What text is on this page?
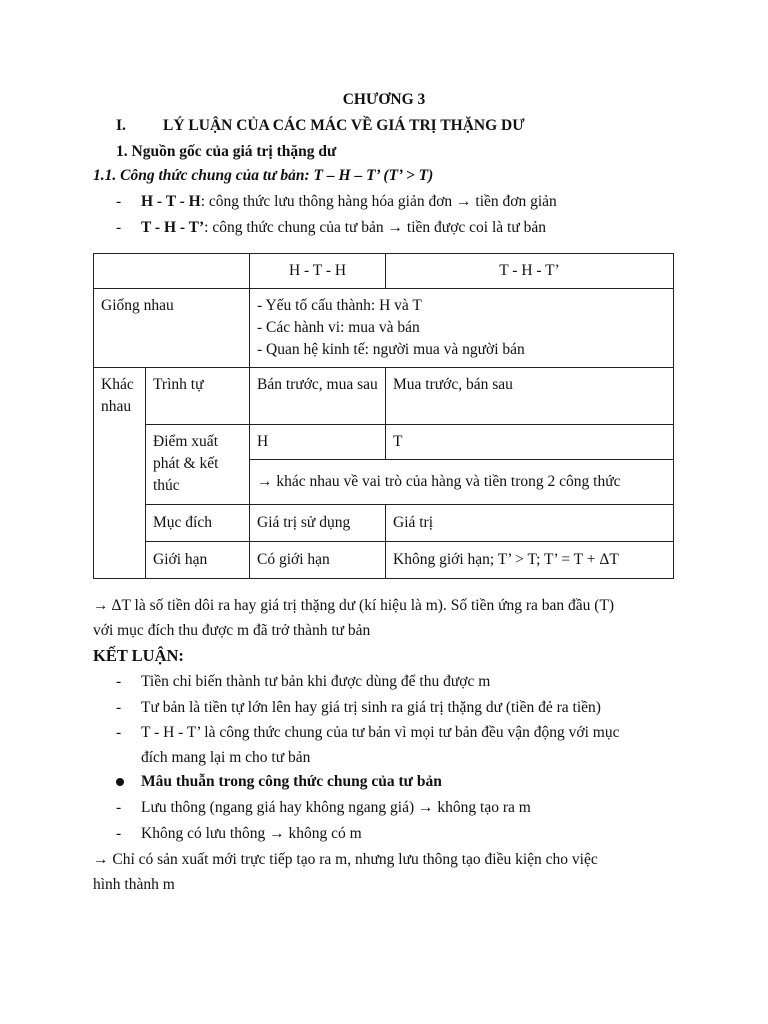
CHƯƠNG 3
I. LÝ LUẬN CỦA CÁC MÁC VỀ GIÁ TRỊ THẶNG DƯ
1. Nguồn gốc của giá trị thặng dư
1.1. Công thức chung của tư bản: T – H – T’ (T’ > T)
- H - T - H: công thức lưu thông hàng hóa giản đơn → tiền đơn giản
- T - H - T’: công thức chung của tư bản → tiền được coi là tư bản
		H - T - H	T - H - T’
Giống nhau		- Yếu tố cấu thành: H và T
- Các hành vi: mua và bán
- Quan hệ kinh tế: người mua và người bán	

Khác nhau	Trình tự	Bán trước, mua sau	Mua trước, bán sau
	Điểm xuất phát & kết thúc	H	T
		→ khác nhau về vai trò của hàng và tiền trong 2 công thức	
	Mục đích	Giá trị sử dụng	Giá trị
	Giới hạn	Có giới hạn	Không giới hạn; T’ > T; T’ = T + ΔT
→ ΔT là số tiền dôi ra hay giá trị thặng dư (kí hiệu là m). Số tiền ứng ra ban đầu (T)
với mục đích thu được m đã trở thành tư bản
KẾT LUẬN:
- Tiền chỉ biến thành tư bản khi được dùng để thu được m
- Tư bản là tiền tự lớn lên hay giá trị sinh ra giá trị thặng dư (tiền đẻ ra tiền)
- T - H - T’ là công thức chung của tư bản vì mọi tư bản đều vận động với mục
đích mang lại m cho tư bản
Mâu thuẫn trong công thức chung của tư bản
- Lưu thông (ngang giá hay không ngang giá) → không tạo ra m
- Không có lưu thông → không có m
→ Chỉ có sản xuất mới trực tiếp tạo ra m, nhưng lưu thông tạo điều kiện cho việc
hình thành m
